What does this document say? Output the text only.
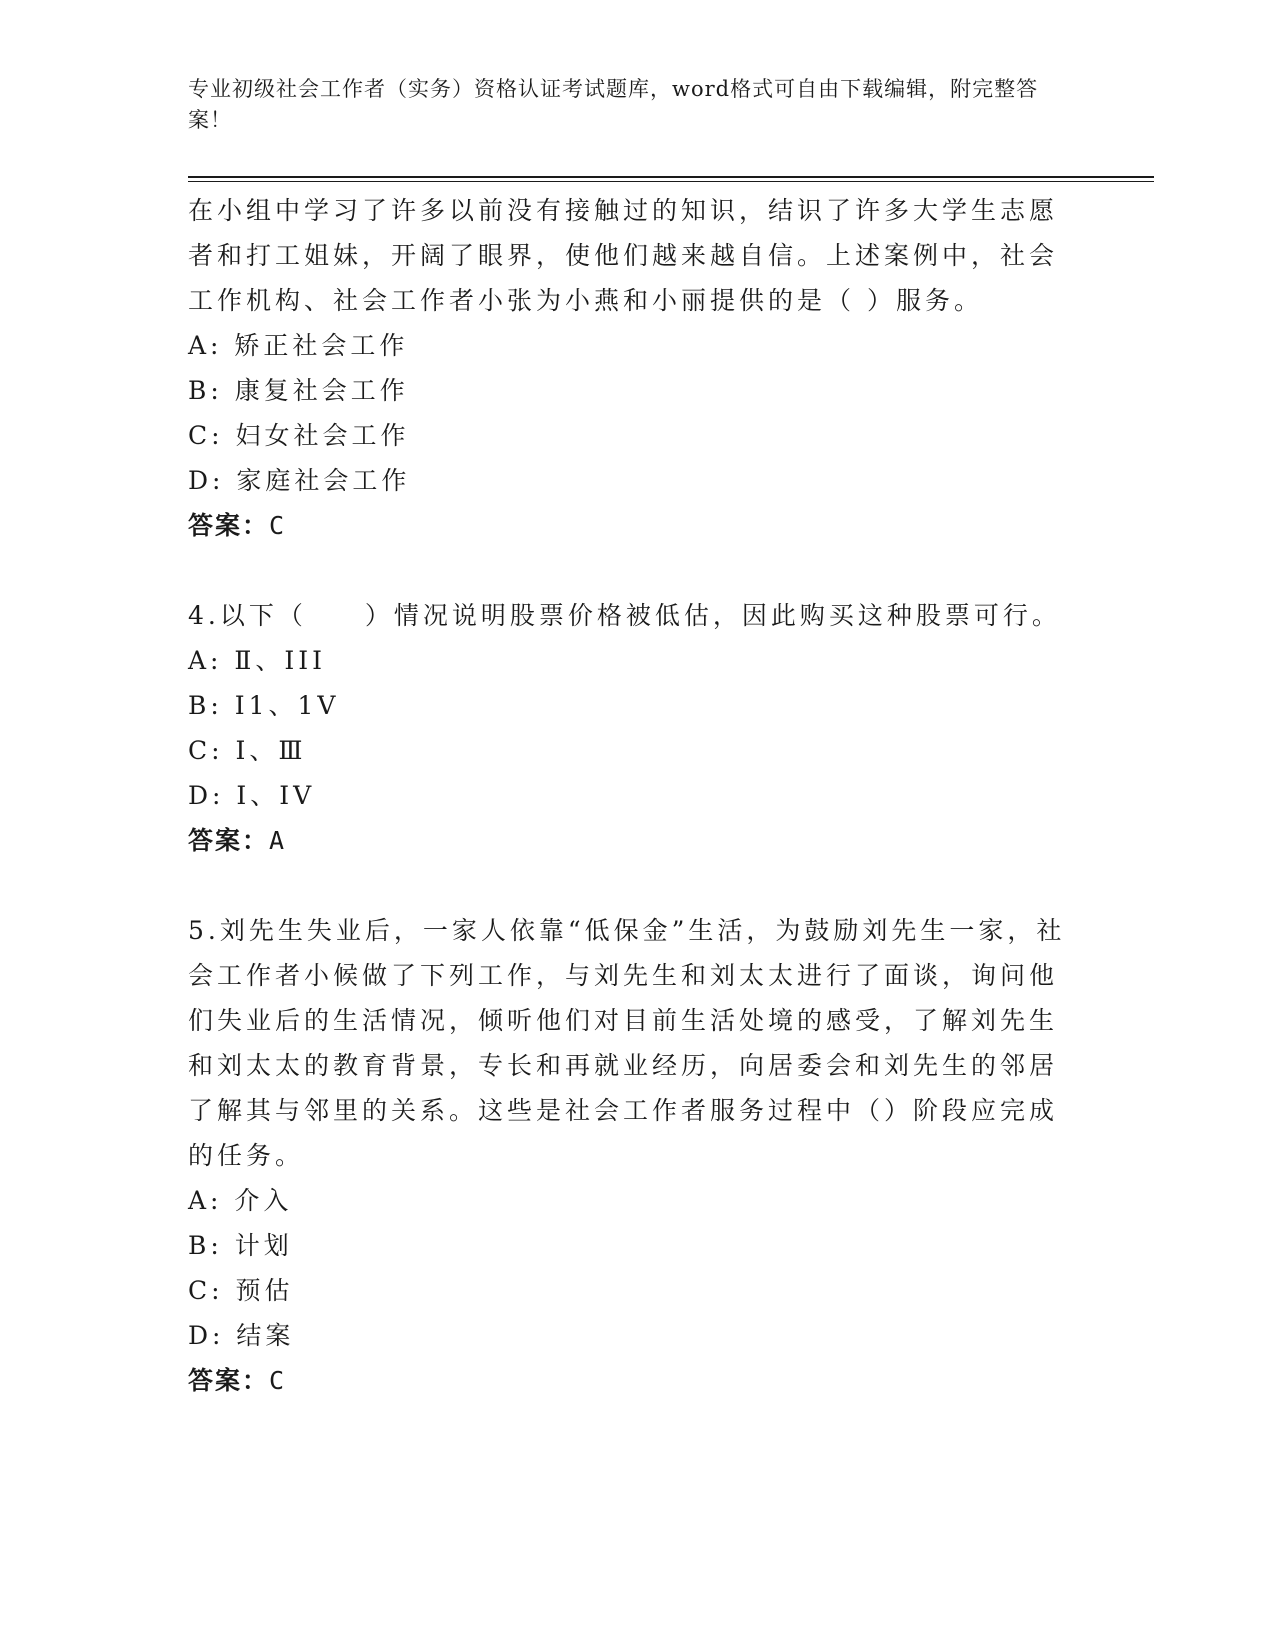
专业初级社会工作者（实务）资格认证考试题库，word格式可自由下载编辑，附完整答案！

在小组中学习了许多以前没有接触过的知识，结识了许多大学生志愿者和打工姐妹，开阔了眼界，使他们越来越自信。上述案例中，社会工作机构、社会工作者小张为小燕和小丽提供的是（ ）服务。

A: 矫正社会工作

B: 康复社会工作

C: 妇女社会工作

D: 家庭社会工作

答案：C

4.以下（　　）情况说明股票价格被低估，因此购买这种股票可行。

A: Ⅱ、III

B: I1、1V

C: I、Ⅲ

D: I、IV

答案：A

5.刘先生失业后，一家人依靠“低保金”生活，为鼓励刘先生一家，社会工作者小候做了下列工作，与刘先生和刘太太进行了面谈，询问他们失业后的生活情况，倾听他们对目前生活处境的感受，了解刘先生和刘太太的教育背景，专长和再就业经历，向居委会和刘先生的邻居了解其与邻里的关系。这些是社会工作者服务过程中（）阶段应完成的任务。

A: 介入

B: 计划

C: 预估

D: 结案

答案：C
